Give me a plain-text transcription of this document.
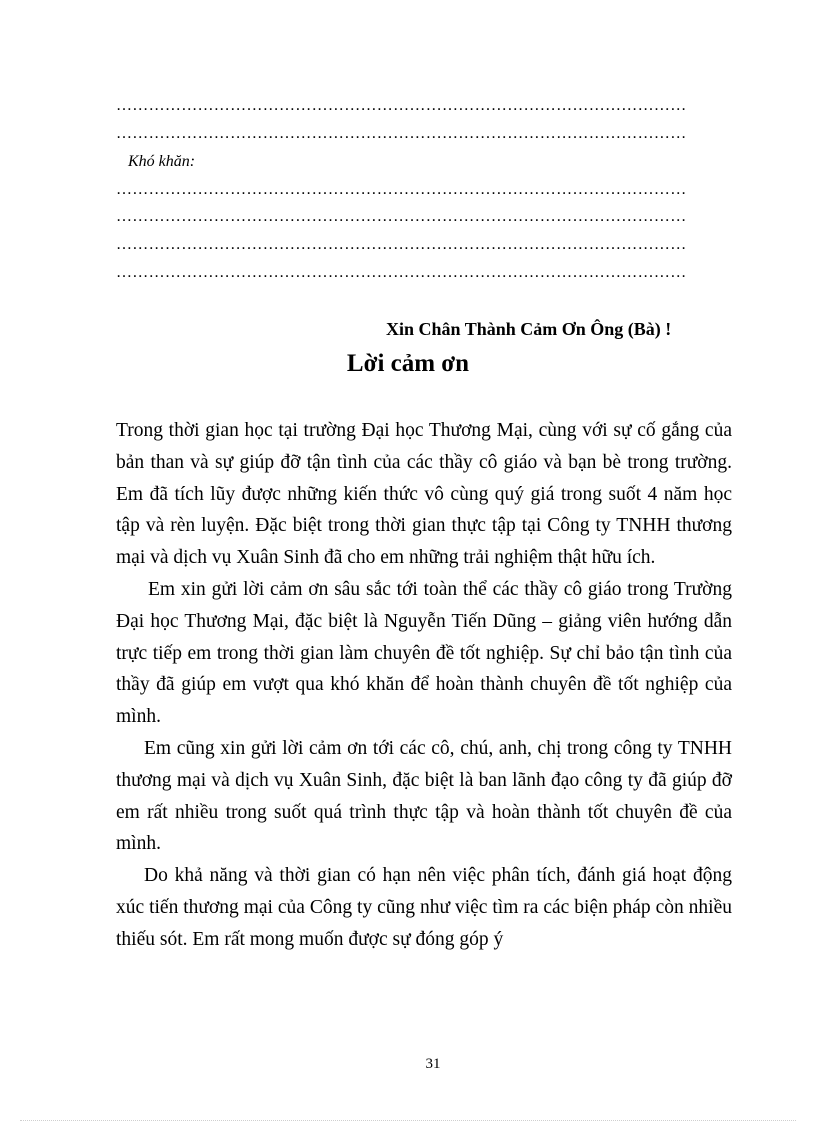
……………………………………………………………………………………………
……………………………………………………………………………………………
Khó khăn:
……………………………………………………………………………………………
……………………………………………………………………………………………
……………………………………………………………………………………………
……………………………………………………………………………………………
Xin Chân Thành Cảm Ơn Ông (Bà) !
Lời cảm ơn

Trong thời gian học tại trường Đại học Thương Mại, cùng với sự cố gắng của bản than và sự giúp đỡ tận tình của các thầy cô giáo và bạn bè trong trường. Em đã tích lũy được những kiến thức vô cùng quý giá trong suốt 4 năm học tập và rèn luyện. Đặc biệt trong thời gian thực tập tại Công ty TNHH thương mại và dịch vụ Xuân Sinh đã cho em những trải nghiệm thật hữu ích.

Em xin gửi lời cảm ơn sâu sắc tới toàn thể các thầy cô giáo trong Trường Đại học Thương Mại, đặc biệt là Nguyễn Tiến Dũng – giảng viên hướng dẫn trực tiếp em trong thời gian làm chuyên đề tốt nghiệp. Sự chỉ bảo tận tình của thầy đã giúp em vượt qua khó khăn để hoàn thành chuyên đề tốt nghiệp của mình.

Em cũng xin gửi lời cảm ơn tới các cô, chú, anh, chị trong công ty TNHH thương mại và dịch vụ Xuân Sinh, đặc biệt là ban lãnh đạo công ty đã giúp đỡ em rất nhiều trong suốt quá trình thực tập và hoàn thành tốt chuyên đề của mình.

Do khả năng và thời gian có hạn nên việc phân tích, đánh giá hoạt động xúc tiến thương mại của Công ty cũng như việc tìm ra các biện pháp còn nhiều thiếu sót. Em rất mong muốn được sự đóng góp ý

31
